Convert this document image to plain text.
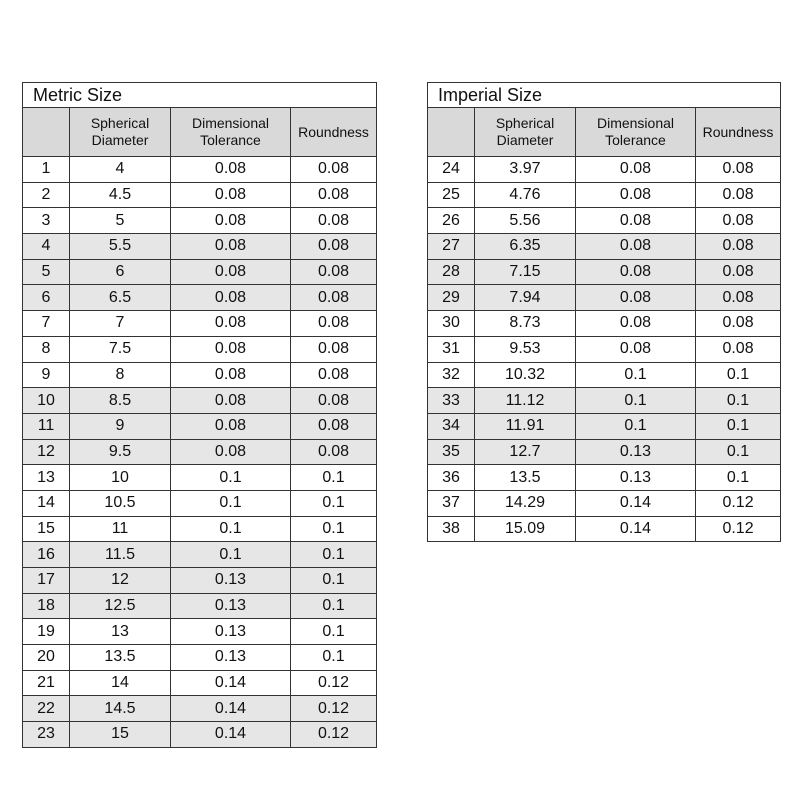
Metric Size			
	Spherical Diameter	Dimensional Tolerance	Roundness
1	4	0.08	0.08
2	4.5	0.08	0.08
3	5	0.08	0.08
4	5.5	0.08	0.08
5	6	0.08	0.08
6	6.5	0.08	0.08
7	7	0.08	0.08
8	7.5	0.08	0.08
9	8	0.08	0.08
10	8.5	0.08	0.08
11	9	0.08	0.08
12	9.5	0.08	0.08
13	10	0.1	0.1
14	10.5	0.1	0.1
15	11	0.1	0.1
16	11.5	0.1	0.1
17	12	0.13	0.1
18	12.5	0.13	0.1
19	13	0.13	0.1
20	13.5	0.13	0.1
21	14	0.14	0.12
22	14.5	0.14	0.12
23	15	0.14	0.12
Imperial Size			
	Spherical Diameter	Dimensional Tolerance	Roundness
24	3.97	0.08	0.08
25	4.76	0.08	0.08
26	5.56	0.08	0.08
27	6.35	0.08	0.08
28	7.15	0.08	0.08
29	7.94	0.08	0.08
30	8.73	0.08	0.08
31	9.53	0.08	0.08
32	10.32	0.1	0.1
33	11.12	0.1	0.1
34	11.91	0.1	0.1
35	12.7	0.13	0.1
36	13.5	0.13	0.1
37	14.29	0.14	0.12
38	15.09	0.14	0.12
